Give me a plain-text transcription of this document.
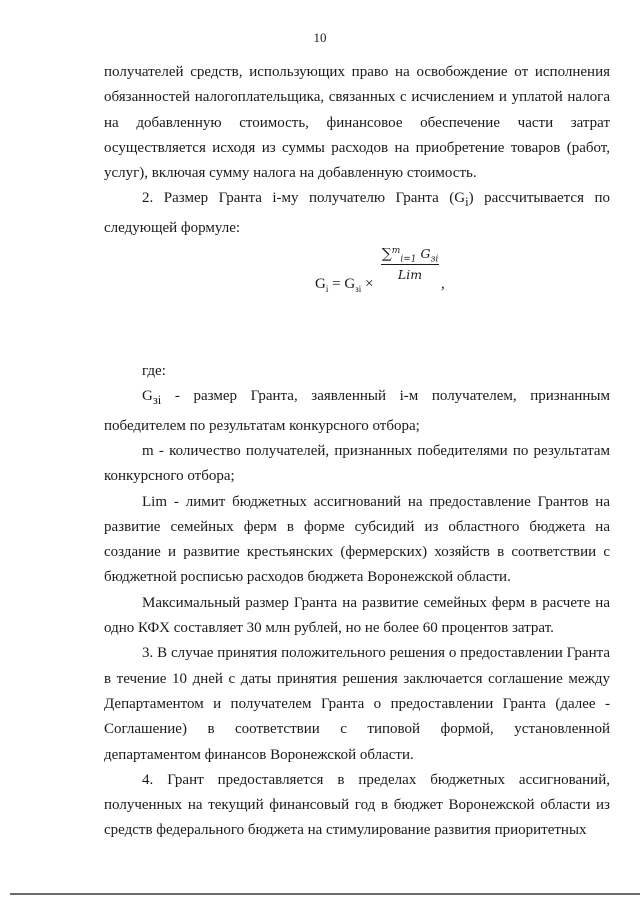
10

получателей средств, использующих право на освобождение от исполнения обязанностей налогоплательщика, связанных с исчислением и уплатой налога на добавленную стоимость, финансовое обеспечение части затрат осуществляется исходя из суммы расходов на приобретение товаров (работ, услуг), включая сумму налога на добавленную стоимость.

2. Размер Гранта i-му получателю Гранта $(G_i)$ рассчитывается по следующей формуле:

$G_i = G_{зi}$ ×
∑$^m_{i=1}$ $G_{зi}$
Lim
,

где:

$G_{зi}$ - размер Гранта, заявленный i-м получателем, признанным победителем по результатам конкурсного отбора;

m - количество получателей, признанных победителями по результатам конкурсного отбора;

Lim - лимит бюджетных ассигнований на предоставление Грантов на развитие семейных ферм в форме субсидий из областного бюджета на создание и развитие крестьянских (фермерских) хозяйств в соответствии с бюджетной росписью расходов бюджета Воронежской области.

Максимальный размер Гранта на развитие семейных ферм в расчете на одно КФХ составляет 30 млн рублей, но не более 60 процентов затрат.

3. В случае принятия положительного решения о предоставлении Гранта в течение 10 дней с даты принятия решения заключается соглашение между Департаментом и получателем Гранта о предоставлении Гранта (далее - Соглашение) в соответствии с типовой формой, установленной департаментом финансов Воронежской области.

4. Грант предоставляется в пределах бюджетных ассигнований, полученных на текущий финансовый год в бюджет Воронежской области из средств федерального бюджета на стимулирование развития приоритетных
